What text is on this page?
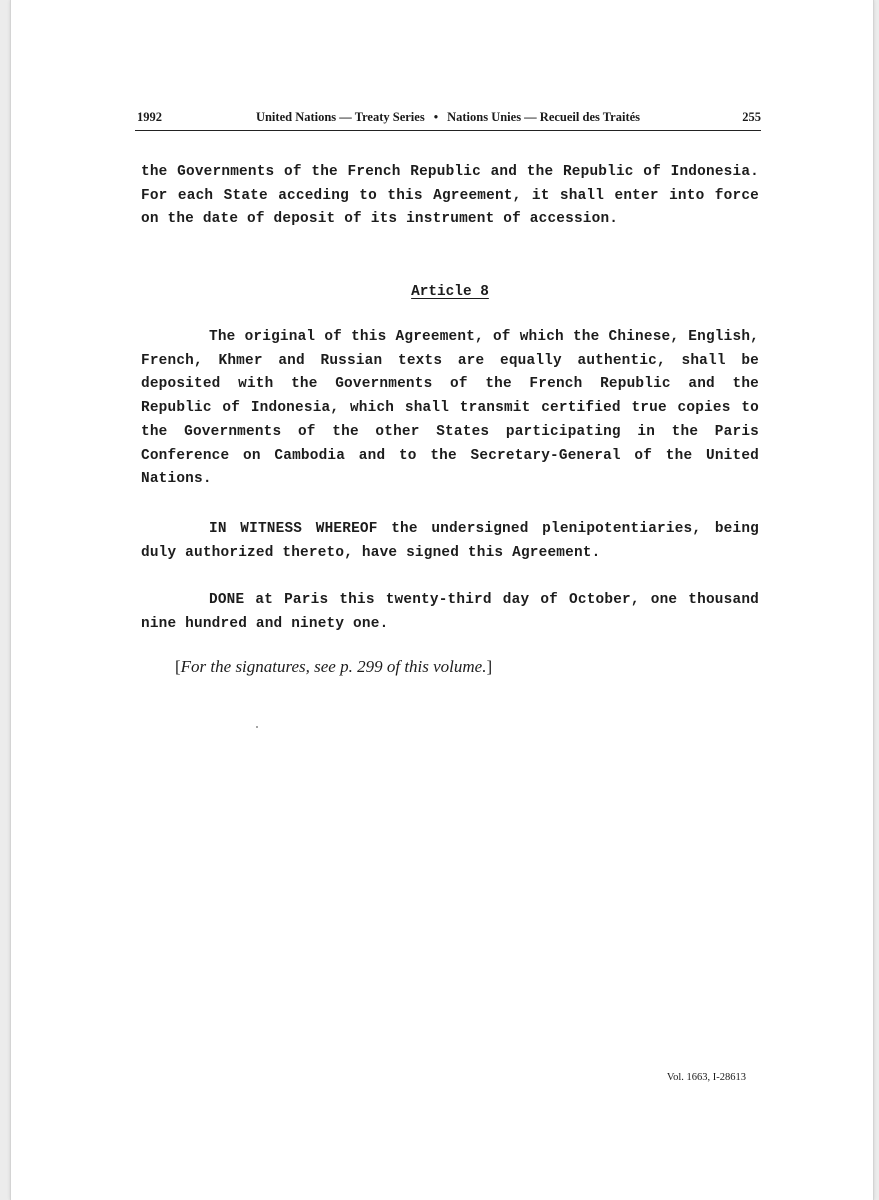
1992	United Nations — Treaty Series • Nations Unies — Recueil des Traités	255

the Governments of the French Republic and the Republic of Indonesia. For each State acceding to this Agreement, it shall enter into force on the date of deposit of its instrument of accession.

Article 8

The original of this Agreement, of which the Chinese, English, French, Khmer and Russian texts are equally authentic, shall be deposited with the Governments of the French Republic and the Republic of Indonesia, which shall transmit certified true copies to the Governments of the other States participating in the Paris Conference on Cambodia and to the Secretary-General of the United Nations.

IN WITNESS WHEREOF the undersigned plenipotentiaries, being duly authorized thereto, have signed this Agreement.

DONE at Paris this twenty-third day of October, one thousand nine hundred and ninety one.

[For the signatures, see p. 299 of this volume.]
Vol. 1663, I-28613
